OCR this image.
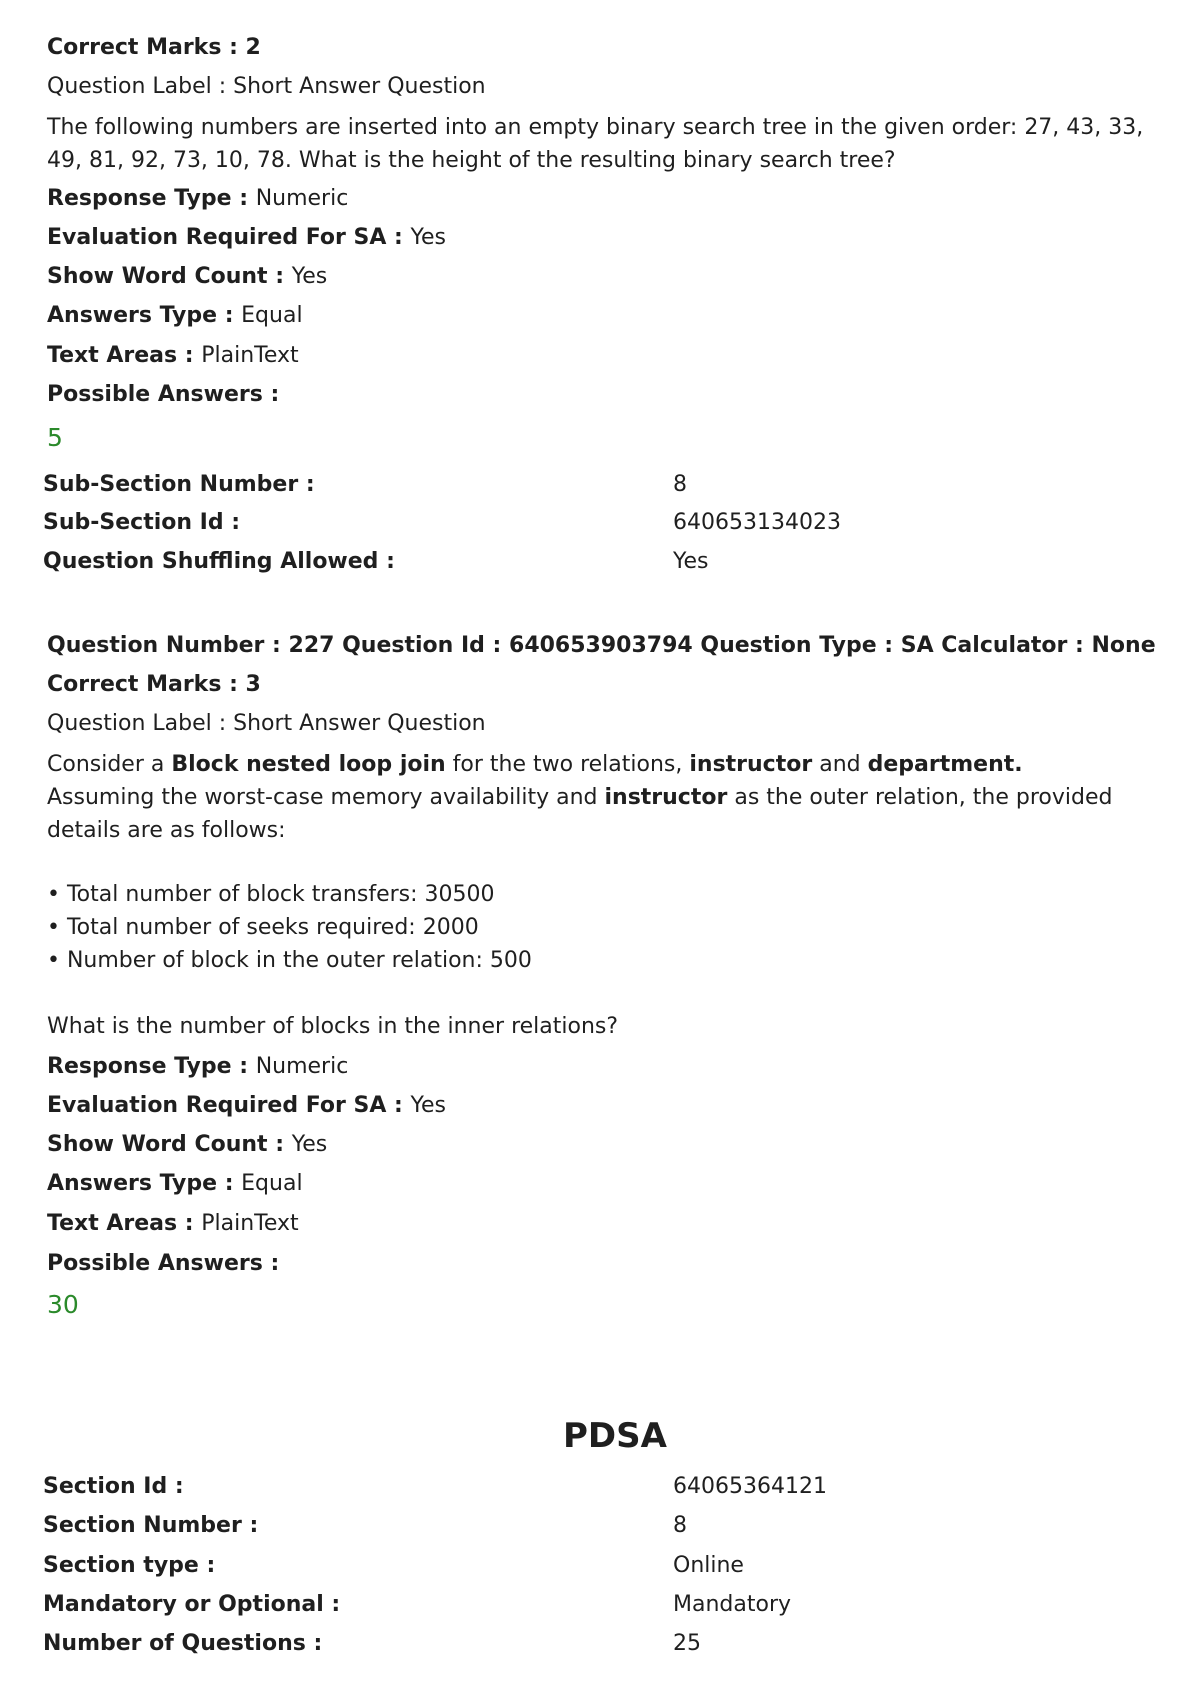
Correct Marks : 2
Question Label : Short Answer Question
The following numbers are inserted into an empty binary search tree in the given order: 27, 43, 33, 49, 81, 92, 73, 10, 78. What is the height of the resulting binary search tree?
Response Type : Numeric
Evaluation Required For SA : Yes
Show Word Count : Yes
Answers Type : Equal
Text Areas : PlainText
Possible Answers :
5
Sub-Section Number :	8
Sub-Section Id :	640653134023
Question Shuffling Allowed :	Yes
Question Number : 227 Question Id : 640653903794 Question Type : SA Calculator : None
Correct Marks : 3
Question Label : Short Answer Question
Consider a Block nested loop join for the two relations, instructor and department.
Assuming the worst-case memory availability and instructor as the outer relation, the provided details are as follows:
• Total number of block transfers: 30500
• Total number of seeks required: 2000
• Number of block in the outer relation: 500
What is the number of blocks in the inner relations?
Response Type : Numeric
Evaluation Required For SA : Yes
Show Word Count : Yes
Answers Type : Equal
Text Areas : PlainText
Possible Answers :
30
PDSA
Section Id :	64065364121
Section Number :	8
Section type :	Online
Mandatory or Optional :	Mandatory
Number of Questions :	25
